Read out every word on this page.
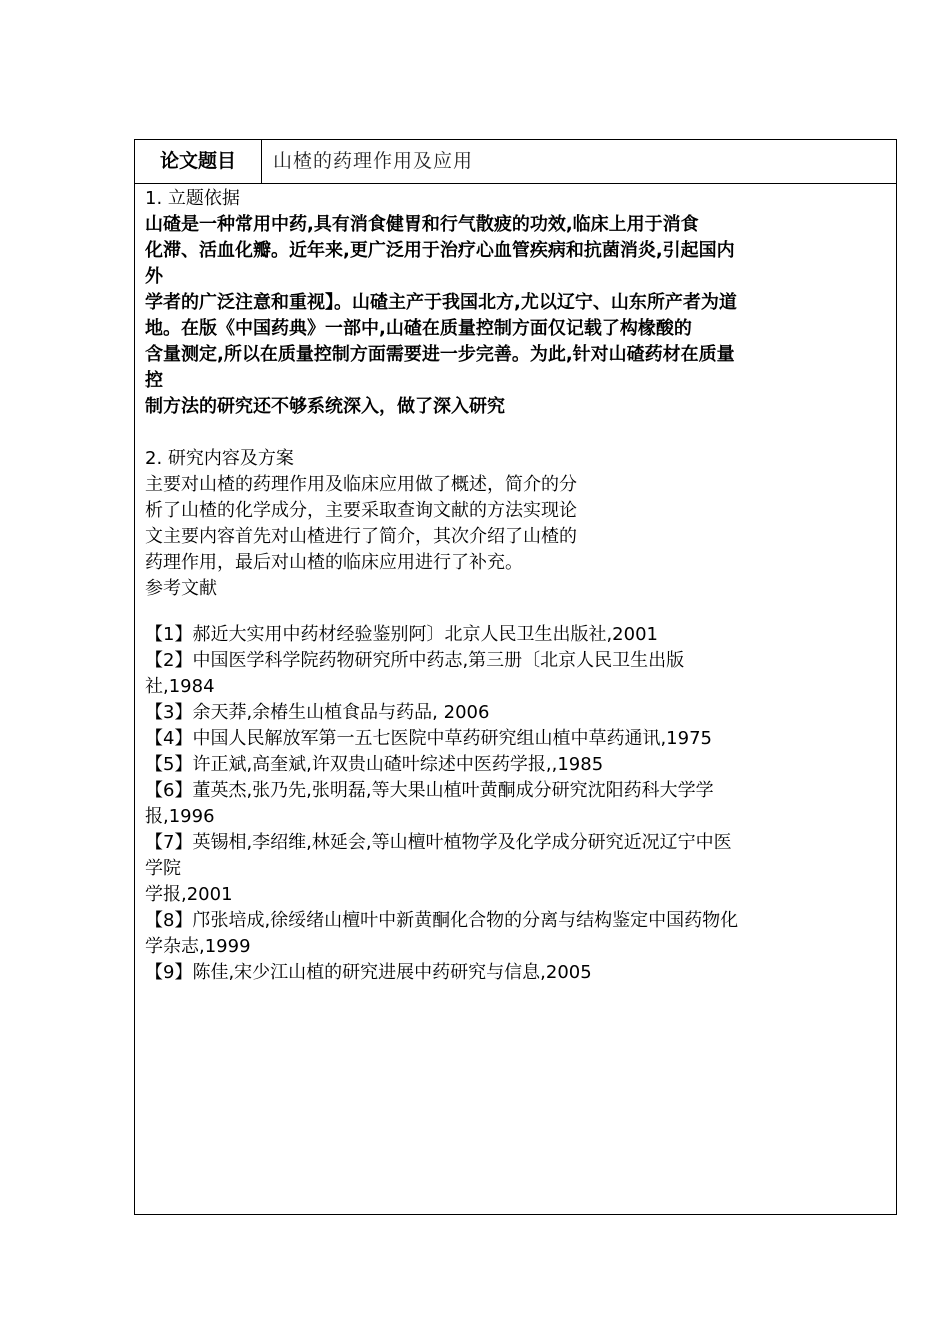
论文题目	山楂的药理作用及应用
1. 立题依据
山碴是一种常用中药,具有消食健胃和行气散疲的功效,临床上用于消食
化滞、活血化瓣。近年来,更广泛用于治疗心血管疾病和抗菌消炎,引起国内
外
学者的广泛注意和重视】。山碴主产于我国北方,尤以辽宁、山东所产者为道
地。在版《中国药典》一部中,山碴在质量控制方面仅记载了构椽酸的
含量测定,所以在质量控制方面需要进一步完善。为此,针对山碴药材在质量
控
制方法的研究还不够系统深入，做了深入研究
2. 研究内容及方案
主要对山楂的药理作用及临床应用做了概述，简介的分
析了山楂的化学成分，主要采取查询文献的方法实现论
文主要内容首先对山楂进行了简介，其次介绍了山楂的
药理作用，最后对山楂的临床应用进行了补充。
参考文献
【1】郝近大实用中药材经验鉴别阿〕北京人民卫生出版社,2001
【2】中国医学科学院药物研究所中药志,第三册〔北京人民卫生出版
社,1984
【3】余天莽,余椿生山植食品与药品, 2006
【4】中国人民解放军第一五七医院中草药研究组山植中草药通讯,1975
【5】许正斌,高奎斌,许双贵山碴叶综述中医药学报,,1985
【6】董英杰,张乃先,张明磊,等大果山植叶黄酮成分研究沈阳药科大学学
报,1996
【7】英锡相,李绍维,林延会,等山檀叶植物学及化学成分研究近况辽宁中医
学院
学报,2001
【8】邝张培成,徐绥绪山檀叶中新黄酮化合物的分离与结构鉴定中国药物化
学杂志,1999
【9】陈佳,宋少江山植的研究进展中药研究与信息,2005
